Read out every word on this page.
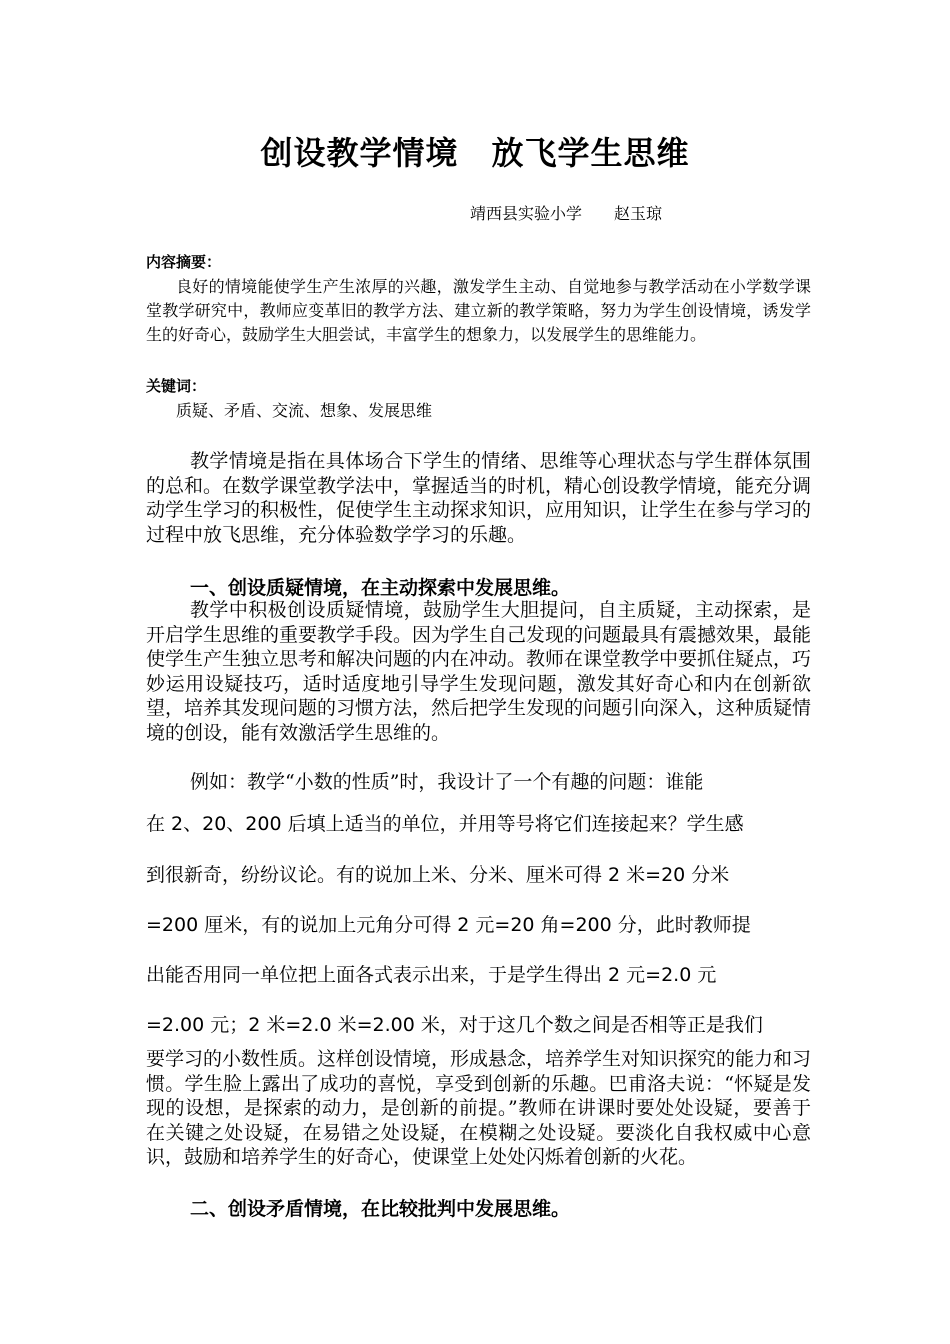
创设教学情境　放飞学生思维
靖西县实验小学　　赵玉琼

内容摘要：

良好的情境能使学生产生浓厚的兴趣，激发学生主动、自觉地参与教学活动在小学数学课堂教学研究中，教师应变革旧的教学方法、建立新的教学策略，努力为学生创设情境，诱发学生的好奇心，鼓励学生大胆尝试，丰富学生的想象力，以发展学生的思维能力。

关键词：

质疑、矛盾、交流、想象、发展思维

教学情境是指在具体场合下学生的情绪、思维等心理状态与学生群体氛围的总和。在数学课堂教学法中，掌握适当的时机，精心创设教学情境，能充分调动学生学习的积极性，促使学生主动探求知识，应用知识，让学生在参与学习的过程中放飞思维，充分体验数学学习的乐趣。

一、创设质疑情境，在主动探索中发展思维。

教学中积极创设质疑情境，鼓励学生大胆提问，自主质疑，主动探索，是开启学生思维的重要教学手段。因为学生自己发现的问题最具有震撼效果，最能使学生产生独立思考和解决问题的内在冲动。教师在课堂教学中要抓住疑点，巧妙运用设疑技巧，适时适度地引导学生发现问题，激发其好奇心和内在创新欲望，培养其发现问题的习惯方法，然后把学生发现的问题引向深入，这种质疑情境的创设，能有效激活学生思维的。

例如：教学“小数的性质”时，我设计了一个有趣的问题：谁能

在 2、20、200 后填上适当的单位，并用等号将它们连接起来？学生感

到很新奇，纷纷议论。有的说加上米、分米、厘米可得 2 米=20 分米

=200 厘米，有的说加上元角分可得 2 元=20 角=200 分，此时教师提

出能否用同一单位把上面各式表示出来，于是学生得出 2 元=2.0 元

=2.00 元；2 米=2.0 米=2.00 米，对于这几个数之间是否相等正是我们

要学习的小数性质。这样创设情境，形成悬念，培养学生对知识探究的能力和习惯。学生脸上露出了成功的喜悦，享受到创新的乐趣。巴甫洛夫说：“怀疑是发现的设想，是探索的动力，是创新的前提。”教师在讲课时要处处设疑，要善于在关键之处设疑，在易错之处设疑，在模糊之处设疑。要淡化自我权威中心意识，鼓励和培养学生的好奇心，使课堂上处处闪烁着创新的火花。

二、创设矛盾情境，在比较批判中发展思维。
